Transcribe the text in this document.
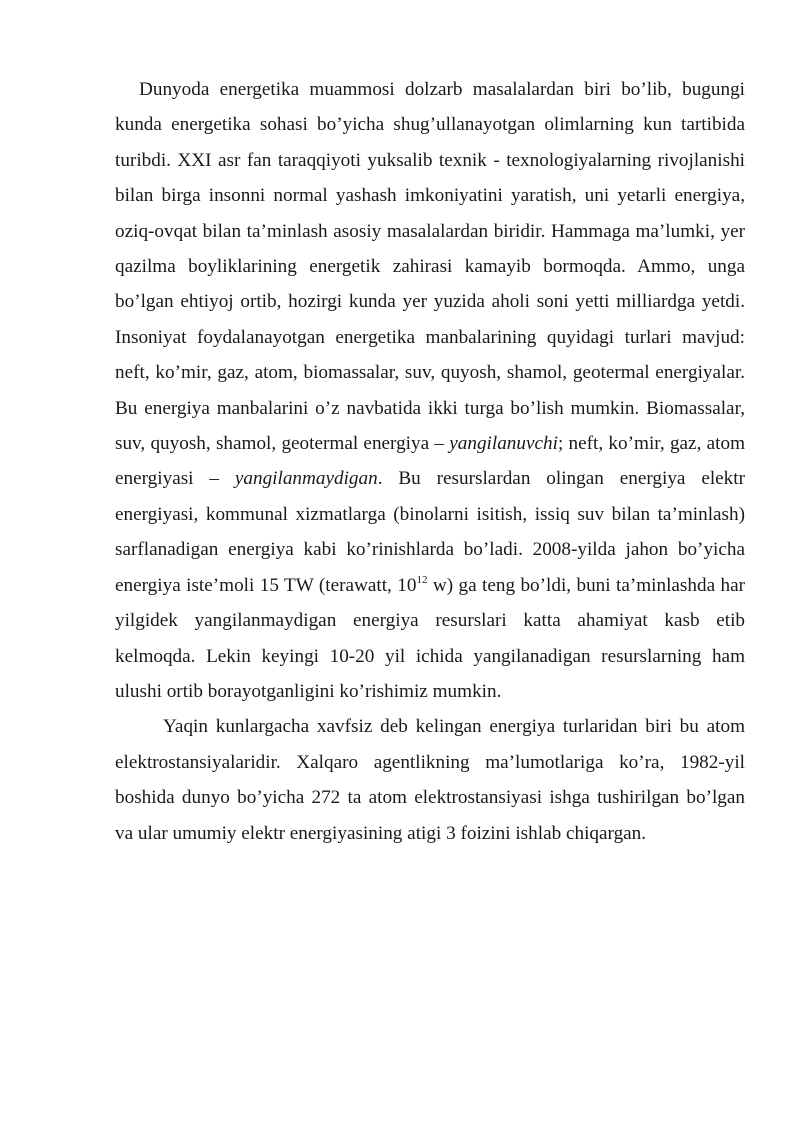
Dunyoda energetika muammosi dolzarb masalalardan biri bo’lib, bugungi kunda energetika sohasi bo’yicha shug’ullanayotgan olimlarning kun tartibida turibdi. XXI asr fan taraqqiyoti yuksalib texnik - texnologiyalarning rivojlanishi bilan birga insonni normal yashash imkoniyatini yaratish, uni yetarli energiya, oziq-ovqat bilan ta’minlash asosiy masalalardan biridir. Hammaga ma’lumki, yer qazilma boyliklarining energetik zahirasi kamayib bormoqda. Ammo, unga bo’lgan ehtiyoj ortib, hozirgi kunda yer yuzida aholi soni yetti milliardga yetdi. Insoniyat foydalanayotgan energetika manbalarining quyidagi turlari mavjud: neft, ko’mir, gaz, atom, biomassalar, suv, quyosh, shamol, geotermal energiyalar. Bu energiya manbalarini o’z navbatida ikki turga bo’lish mumkin. Biomassalar, suv, quyosh, shamol, geotermal energiya – yangilanuvchi; neft, ko’mir, gaz, atom energiyasi – yangilanmaydigan. Bu resurslardan olingan energiya elektr energiyasi, kommunal xizmatlarga (binolarni isitish, issiq suv bilan ta’minlash) sarflanadigan energiya kabi ko’rinishlarda bo’ladi. 2008-yilda jahon bo’yicha energiya iste’moli 15 TW (terawatt, $10^{12}$ w) ga teng bo’ldi, buni ta’minlashda har yilgidek yangilanmaydigan energiya resurslari katta ahamiyat kasb etib kelmoqda. Lekin keyingi 10-20 yil ichida yangilanadigan resurslarning ham ulushi ortib borayotganligini ko’rishimiz mumkin.

Yaqin kunlargacha xavfsiz deb kelingan energiya turlaridan biri bu atom elektrostansiyalaridir. Xalqaro agentlikning ma’lumotlariga ko’ra, 1982-yil boshida dunyo bo’yicha 272 ta atom elektrostansiyasi ishga tushirilgan bo’lgan va ular umumiy elektr energiyasining atigi 3 foizini ishlab chiqargan.
